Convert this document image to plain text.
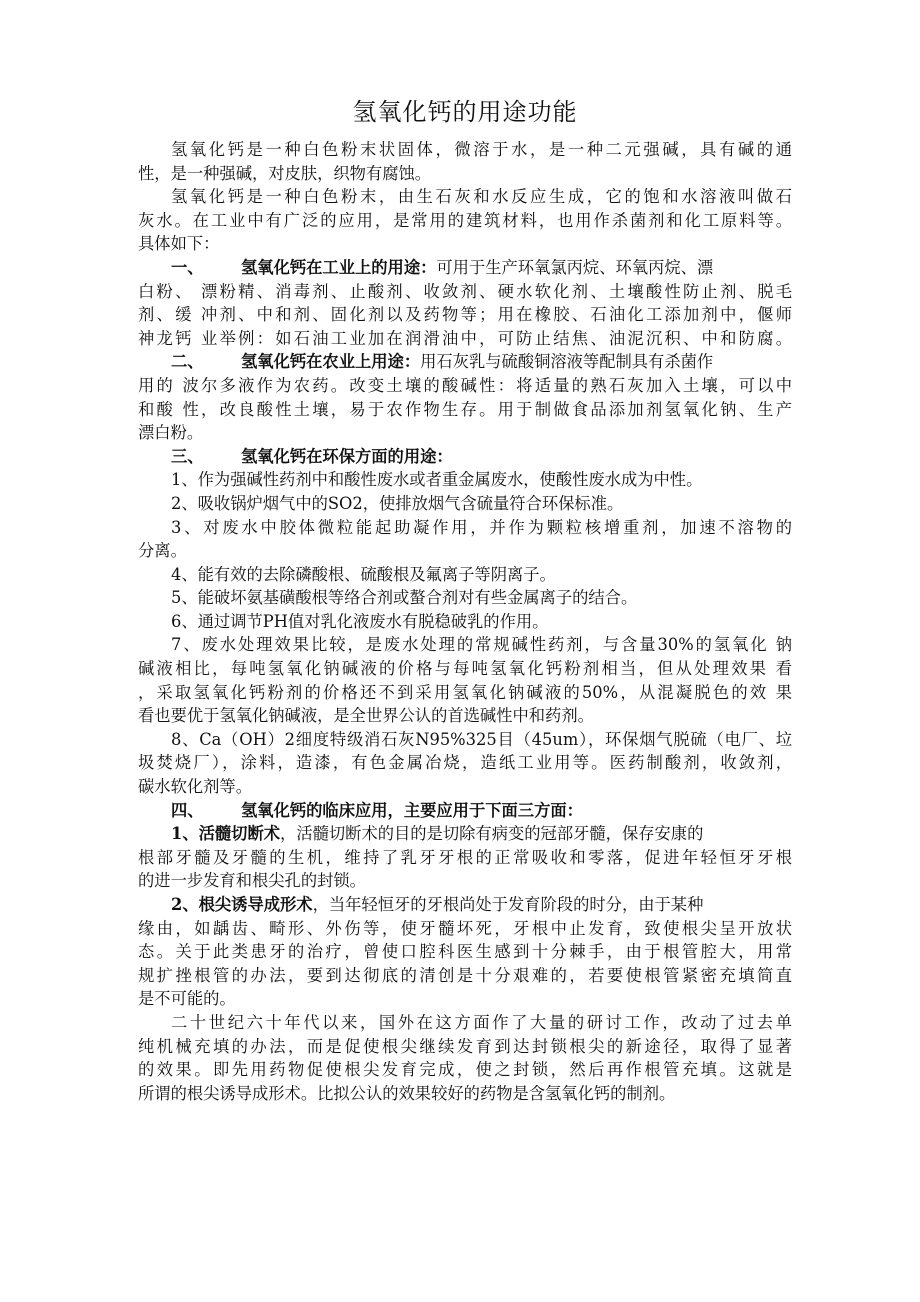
氢氧化钙的用途功能
氢氧化钙是一种白色粉末状固体，微溶于水，是一种二元强碱，具有碱的通
性，是一种强碱，对皮肤，织物有腐蚀。
氢氧化钙是一种白色粉末，由生石灰和水反应生成，它的饱和水溶液叫做石
灰水。在工业中有广泛的应用，是常用的建筑材料，也用作杀菌剂和化工原料等。
具体如下：
一、 氢氧化钙在工业上的用途：可用于生产环氧氯丙烷、环氧丙烷、漂
白粉、 漂粉精、消毒剂、止酸剂、收敛剂、硬水软化剂、土壤酸性防止剂、脱毛
剂、缓 冲剂、中和剂、固化剂以及药物等；用在橡胶、石油化工添加剂中，偃师
神龙钙 业举例：如石油工业加在润滑油中，可防止结焦、油泥沉积、中和防腐。
二、 氢氧化钙在农业上用途：用石灰乳与硫酸铜溶液等配制具有杀菌作
用的 波尔多液作为农药。改变土壤的酸碱性：将适量的熟石灰加入土壤，可以中
和酸 性，改良酸性土壤，易于农作物生存。用于制做食品添加剂氢氧化钠、生产
漂白粉。
三、 氢氧化钙在环保方面的用途：
1、作为强碱性药剂中和酸性废水或者重金属废水，使酸性废水成为中性。
2、吸收锅炉烟气中的SO2，使排放烟气含硫量符合环保标准。
3、对废水中胶体微粒能起助凝作用，并作为颗粒核增重剂，加速不溶物的
分离。
4、能有效的去除磷酸根、硫酸根及氟离子等阴离子。
5、能破坏氨基磺酸根等络合剂或螯合剂对有些金属离子的结合。
6、通过调节PH值对乳化液废水有脱稳破乳的作用。
7、废水处理效果比较，是废水处理的常规碱性药剂，与含量30%的氢氧化 钠
碱液相比，每吨氢氧化钠碱液的价格与每吨氢氧化钙粉剂相当，但从处理效果 看
，采取氢氧化钙粉剂的价格还不到采用氢氧化钠碱液的50%，从混凝脱色的效 果
看也要优于氢氧化钠碱液，是全世界公认的首选碱性中和药剂。
8、Ca（OH）2细度特级消石灰N95%325目（45um），环保烟气脱硫（电厂、垃
圾焚烧厂），涂料，造漆，有色金属冶烧，造纸工业用等。医药制酸剂，收敛剂，
碳水软化剂等。
四、 氢氧化钙的临床应用，主要应用于下面三方面：
1、活髓切断术，活髓切断术的目的是切除有病变的冠部牙髓，保存安康的
根部牙髓及牙髓的生机，维持了乳牙牙根的正常吸收和零落，促进年轻恒牙牙根
的进一步发育和根尖孔的封锁。
2、根尖诱导成形术，当年轻恒牙的牙根尚处于发育阶段的时分，由于某种
缘由，如龋齿、畸形、外伤等，使牙髓坏死，牙根中止发育，致使根尖呈开放状
态。关于此类患牙的治疗，曾使口腔科医生感到十分棘手，由于根管腔大，用常
规扩挫根管的办法，要到达彻底的清创是十分艰难的，若要使根管紧密充填简直
是不可能的。
二十世纪六十年代以来，国外在这方面作了大量的研讨工作，改动了过去单
纯机械充填的办法，而是促使根尖继续发育到达封锁根尖的新途径，取得了显著
的效果。即先用药物促使根尖发育完成，使之封锁，然后再作根管充填。这就是
所谓的根尖诱导成形术。比拟公认的效果较好的药物是含氢氧化钙的制剂。
